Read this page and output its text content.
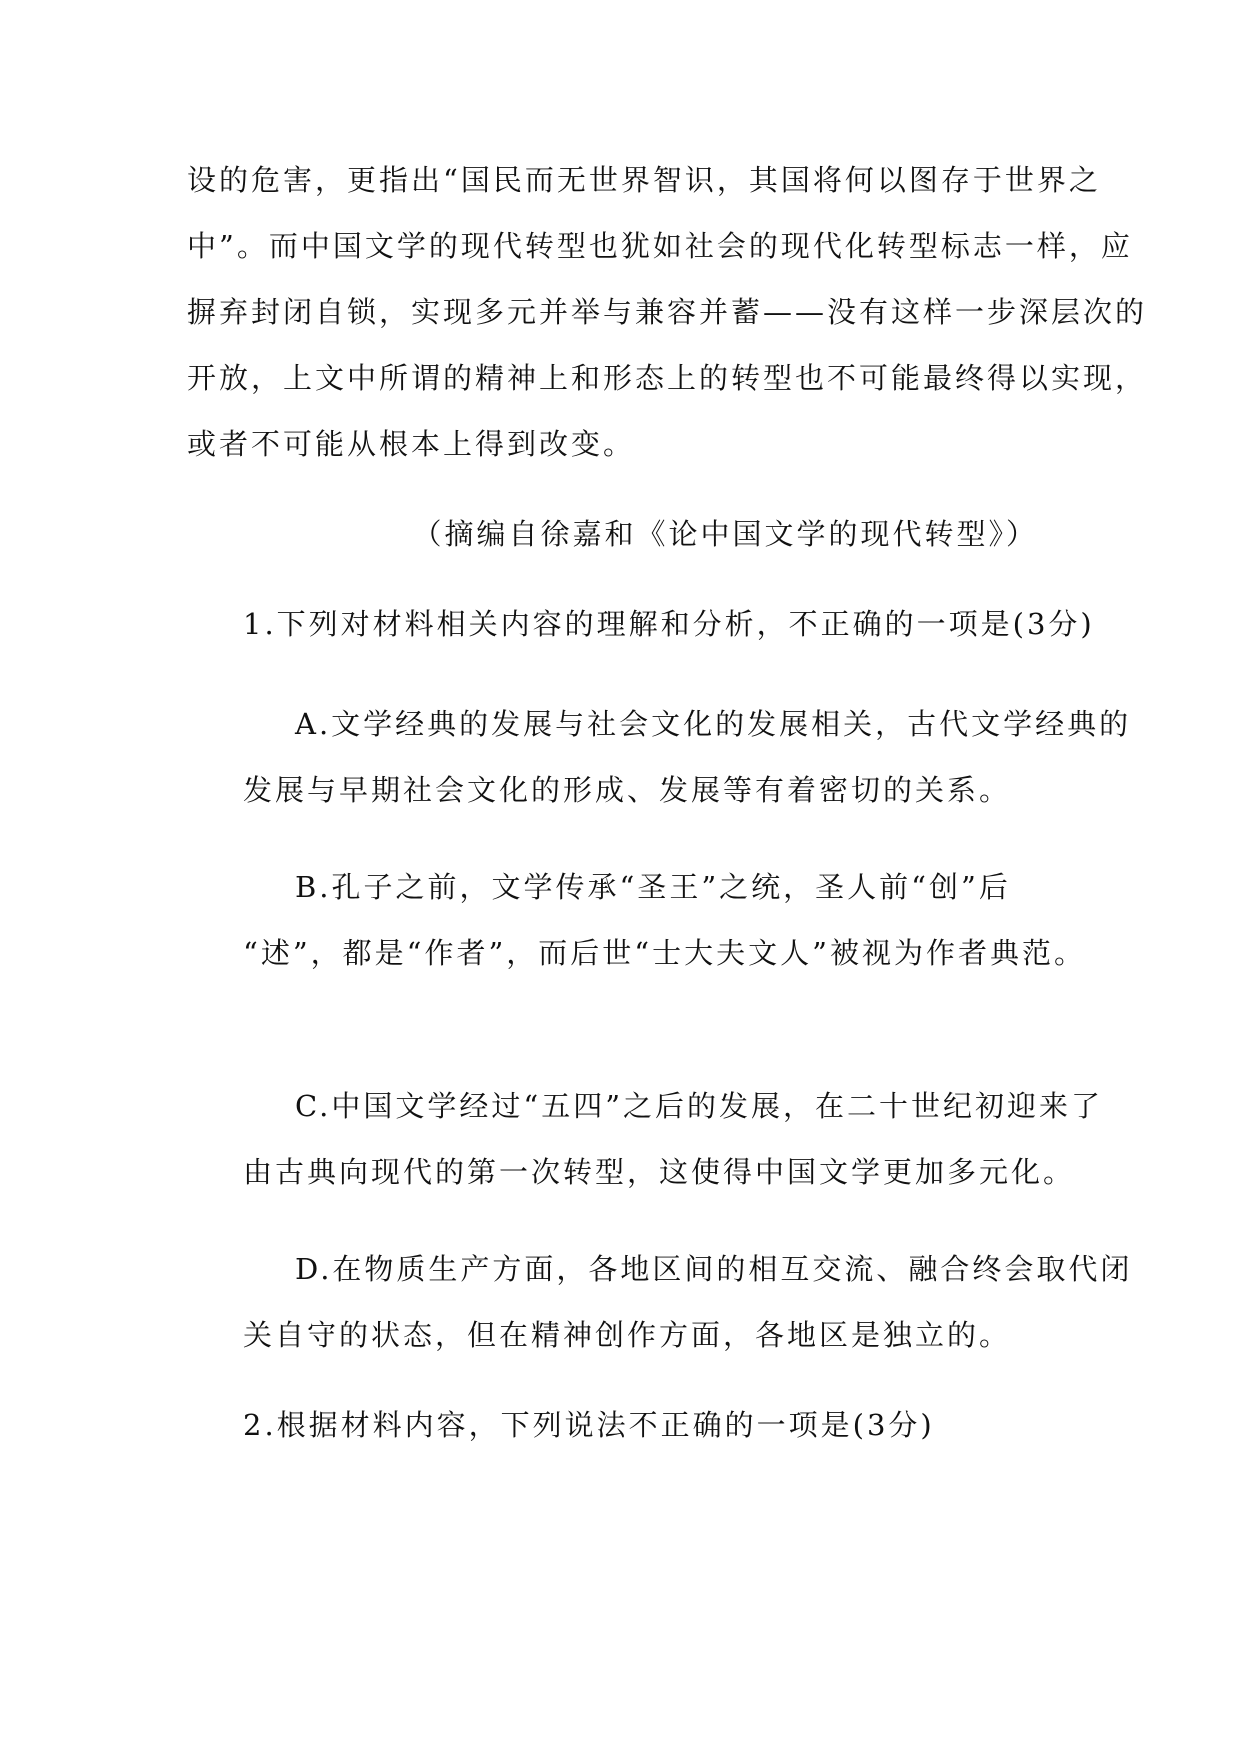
设的危害，更指出“国民而无世界智识，其国将何以图存于世界之
中”。而中国文学的现代转型也犹如社会的现代化转型标志一样，应
摒弃封闭自锁，实现多元并举与兼容并蓄——没有这样一步深层次的
开放，上文中所谓的精神上和形态上的转型也不可能最终得以实现，
或者不可能从根本上得到改变。
（摘编自徐嘉和《论中国文学的现代转型》）
1.下列对材料相关内容的理解和分析，不正确的一项是(3分)
A.文学经典的发展与社会文化的发展相关，古代文学经典的
发展与早期社会文化的形成、发展等有着密切的关系。
B.孔子之前，文学传承“圣王”之统，圣人前“创”后
“述”，都是“作者”，而后世“士大夫文人”被视为作者典范。
C.中国文学经过“五四”之后的发展，在二十世纪初迎来了
由古典向现代的第一次转型，这使得中国文学更加多元化。
D.在物质生产方面，各地区间的相互交流、融合终会取代闭
关自守的状态，但在精神创作方面，各地区是独立的。
2.根据材料内容，下列说法不正确的一项是(3分)
